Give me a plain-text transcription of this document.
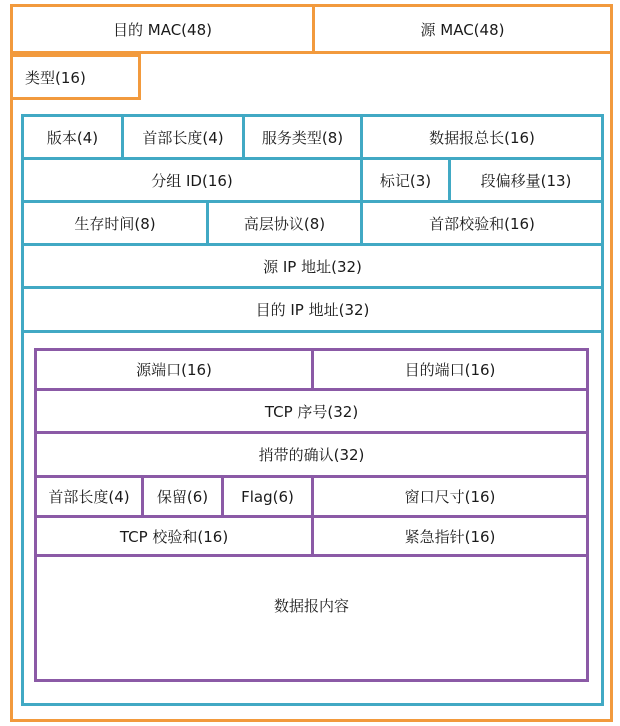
目的 MAC(48)	源 MAC(48)
类型(16)
版本(4)	首部长度(4)	服务类型(8)	数据报总长(16)
分组 ID(16)	标记(3)	段偏移量(13)
生存时间(8)	高层协议(8)	首部校验和(16)
源 IP 地址(32)
目的 IP 地址(32)
源端口(16)	目的端口(16)
TCP 序号(32)
捎带的确认(32)
首部长度(4)	保留(6)	Flag(6)	窗口尺寸(16)
TCP 校验和(16)	紧急指针(16)
数据报内容
